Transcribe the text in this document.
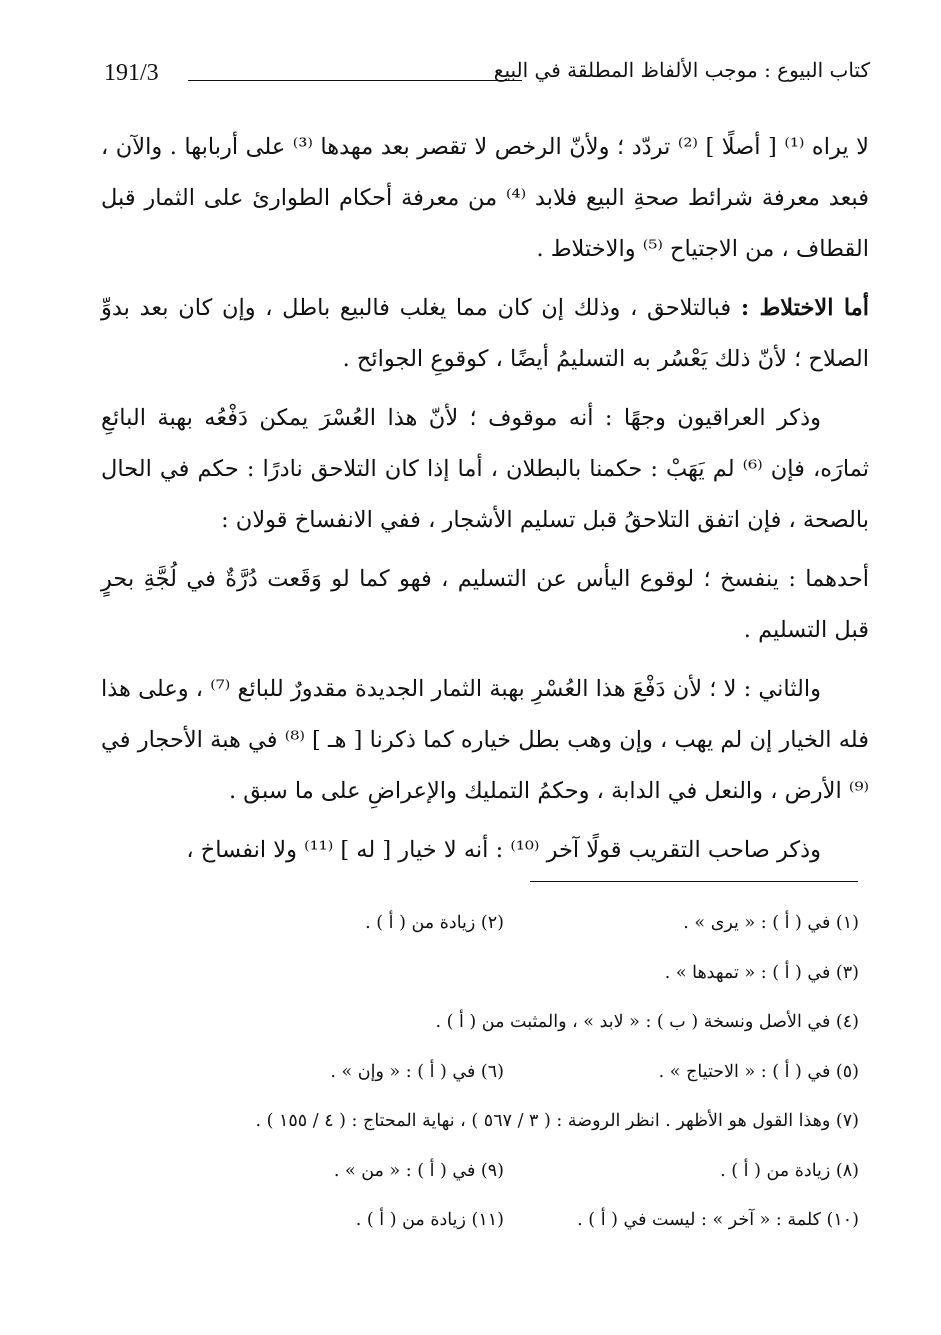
191/3	كتاب البيوع : موجب الألفاظ المطلقة في البيع

لا يراه ⁽¹⁾ [ أصلًا ] ⁽²⁾ تردّد ؛ ولأنّ الرخص لا تقصر بعد مهدها ⁽³⁾ على أربابها . والآن ، فبعد معرفة شرائط صحةِ البيع فلابد ⁽⁴⁾ من معرفة أحكام الطوارئ على الثمار قبل القطاف ، من الاجتياح ⁽⁵⁾ والاختلاط .

أما الاختلاط : فبالتلاحق ، وذلك إن كان مما يغلب فالبيع باطل ، وإن كان بعد بدوِّ الصلاح ؛ لأنّ ذلك يَعْسُر به التسليمُ أيضًا ، كوقوعِ الجوائح .

وذكر العراقيون وجهًا : أنه موقوف ؛ لأنّ هذا العُسْرَ يمكن دَفْعُه بهبة البائعِ ثمارَه، فإن ⁽⁶⁾ لم يَهَبْ : حكمنا بالبطلان ، أما إذا كان التلاحق نادرًا : حكم في الحال بالصحة ، فإن اتفق التلاحقُ قبل تسليم الأشجار ، ففي الانفساخ قولان :

أحدهما : ينفسخ ؛ لوقوع اليأس عن التسليم ، فهو كما لو وَقَعت دُرَّةٌ في لُجَّةِ بحرٍ قبل التسليم .

والثاني : لا ؛ لأن دَفْعَ هذا العُسْرِ بهبة الثمار الجديدة مقدورٌ للبائع ⁽⁷⁾ ، وعلى هذا فله الخيار إن لم يهب ، وإن وهب بطل خياره كما ذكرنا [ هـ ] ⁽⁸⁾ في هبة الأحجار في ⁽⁹⁾ الأرض ، والنعل في الدابة ، وحكمُ التمليك والإعراضِ على ما سبق .

وذكر صاحب التقريب قولًا آخر ⁽¹⁰⁾ : أنه لا خيار [ له ] ⁽¹¹⁾ ولا انفساخ ،

(١) في ( أ ) : « يرى » .
(٢) زيادة من ( أ ) .
(٣) في ( أ ) : « تمهدها » .
(٤) في الأصل ونسخة ( ب ) : « لابد » ، والمثبت من ( أ ) .
(٥) في ( أ ) : « الاحتياج » .
(٦) في ( أ ) : « وإن » .
(٧) وهذا القول هو الأظهر . انظر الروضة : ( ٣ / ٥٦٧ ) ، نهاية المحتاج : ( ٤ / ١٥٥ ) .
(٨) زيادة من ( أ ) .
(٩) في ( أ ) : « من » .
(١٠) كلمة : « آخر » : ليست في ( أ ) .
(١١) زيادة من ( أ ) .
